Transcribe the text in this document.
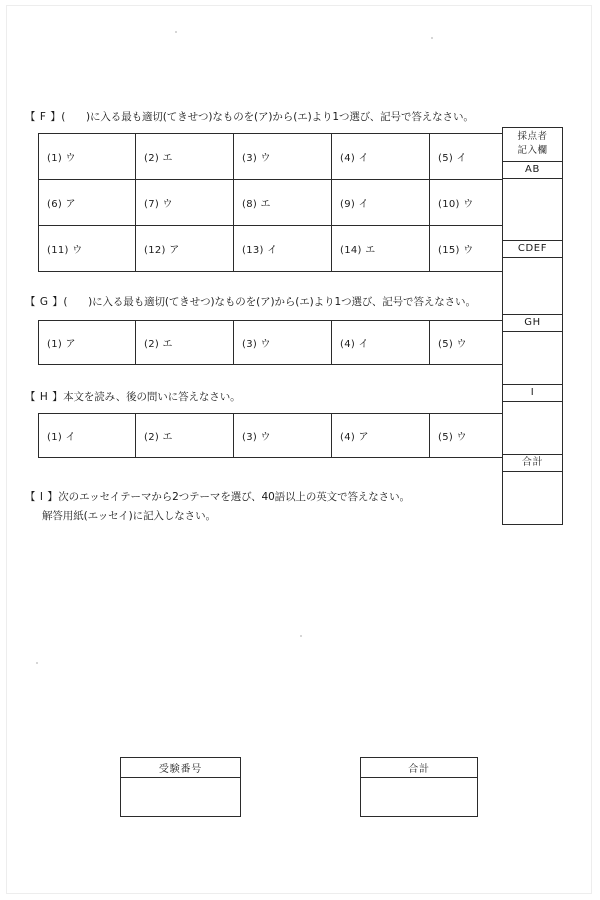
【 F 】(　　)に入る最も適切(てきせつ)なものを(ア)から(エ)より1つ選び、記号で答えなさい。
(1) ウ	(2) エ	(3) ウ	(4) イ	(5) イ
(6) ア	(7) ウ	(8) エ	(9) イ	(10) ウ
(11) ウ	(12) ア	(13) イ	(14) エ	(15) ウ
【 G 】(　　)に入る最も適切(てきせつ)なものを(ア)から(エ)より1つ選び、記号で答えなさい。
(1) ア	(2) エ	(3) ウ	(4) イ	(5) ウ
【 H 】本文を読み、後の問いに答えなさい。
(1) イ	(2) エ	(3) ウ	(4) ア	(5) ウ
【 I 】次のエッセイテーマから2つテーマを選び、40語以上の英文で答えなさい。
解答用紙(エッセイ)に記入しなさい。
採点者
記入欄
AB
CDEF
GH
I
合計
受験番号	合計
